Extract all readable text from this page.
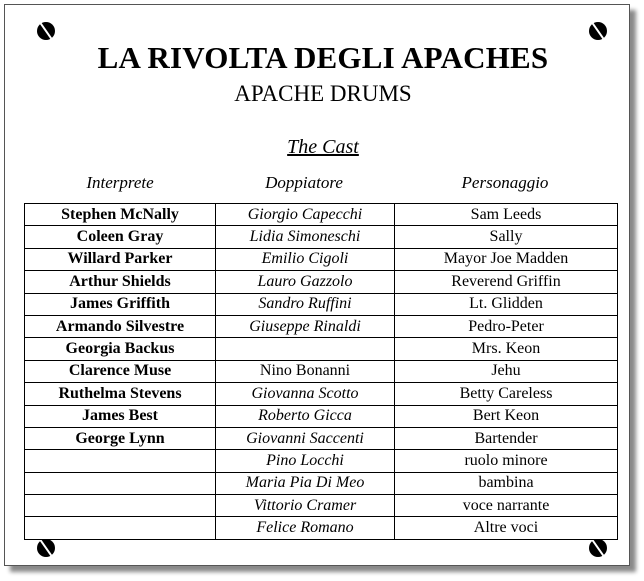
LA RIVOLTA DEGLI APACHES
APACHE DRUMS
The Cast
Interprete	Doppiatore	Personaggio
Stephen McNally	Giorgio Capecchi	Sam Leeds
Coleen Gray	Lidia Simoneschi	Sally
Willard Parker	Emilio Cigoli	Mayor Joe Madden
Arthur Shields	Lauro Gazzolo	Reverend Griffin
James Griffith	Sandro Ruffini	Lt. Glidden
Armando Silvestre	Giuseppe Rinaldi	Pedro-Peter
Georgia Backus		Mrs. Keon
Clarence Muse	Nino Bonanni	Jehu
Ruthelma Stevens	Giovanna Scotto	Betty Careless
James Best	Roberto Gicca	Bert Keon
George Lynn	Giovanni Saccenti	Bartender
	Pino Locchi	ruolo minore
	Maria Pia Di Meo	bambina
	Vittorio Cramer	voce narrante
	Felice Romano	Altre voci
